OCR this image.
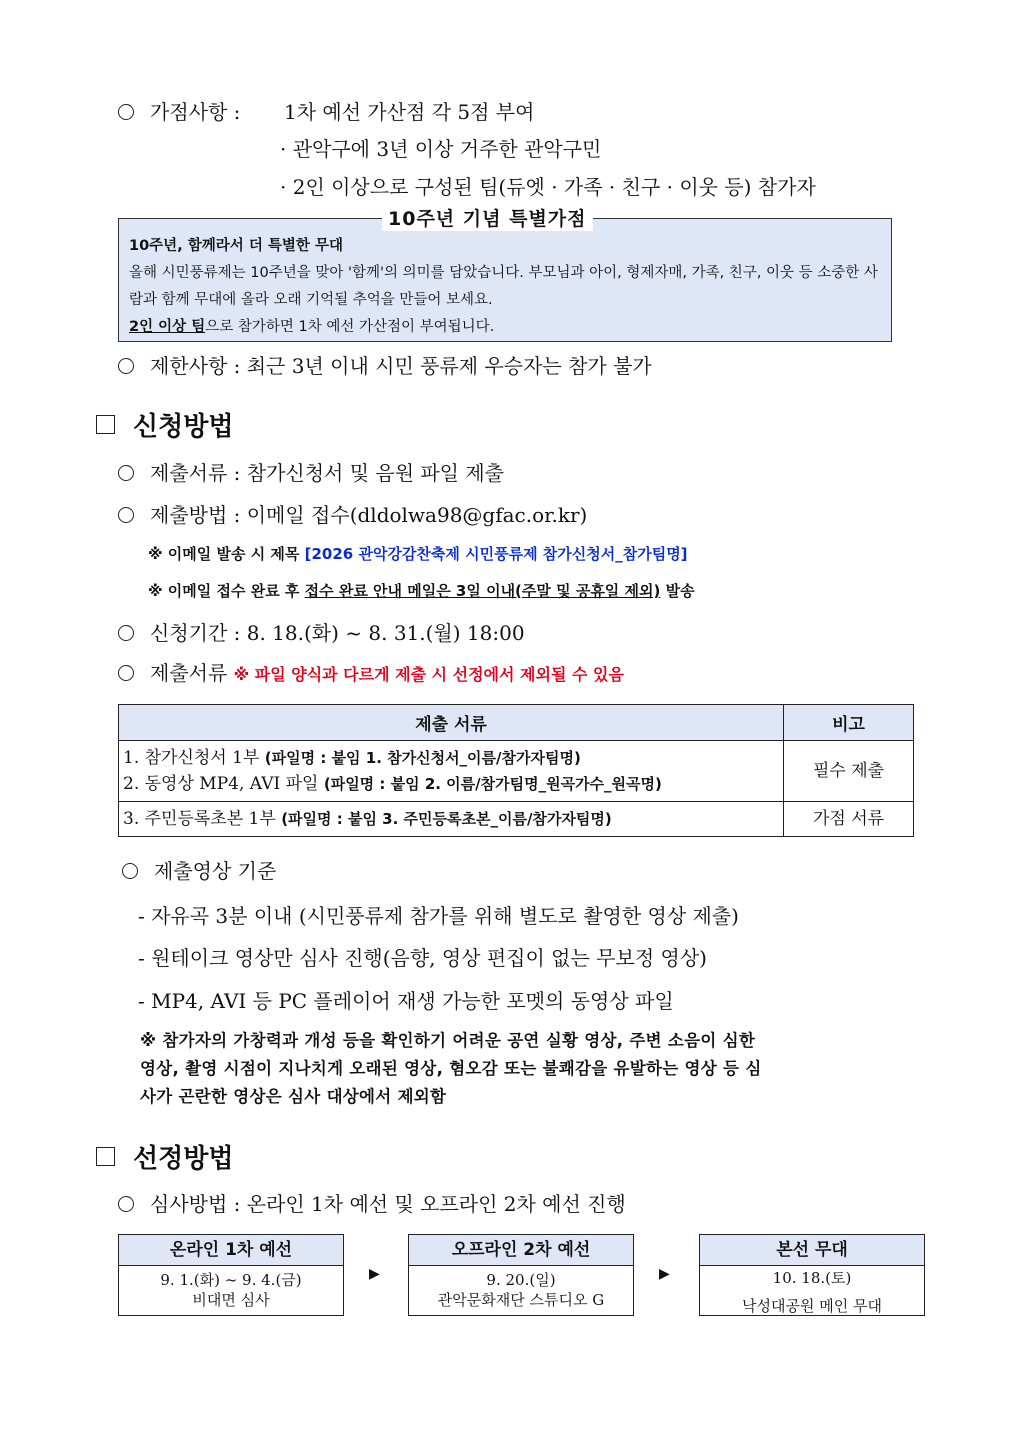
가점사항 : 1차 예선 가산점 각 5점 부여
· 관악구에 3년 이상 거주한 관악구민
· 2인 이상으로 구성된 팀(듀엣 · 가족 · 친구 · 이웃 등) 참가자
10주년, 함께라서 더 특별한 무대
올해 시민풍류제는 10주년을 맞아 '함께'의 의미를 담았습니다. 부모님과 아이, 형제자매, 가족, 친구, 이웃 등 소중한 사람과 함께 무대에 올라 오래 기억될 추억을 만들어 보세요.
2인 이상 팀으로 참가하면 1차 예선 가산점이 부여됩니다.
10주년 기념 특별가점
제한사항 : 최근 3년 이내 시민 풍류제 우승자는 참가 불가
신청방법
제출서류 : 참가신청서 및 음원 파일 제출
제출방법 : 이메일 접수(dldolwa98@gfac.or.kr)
※ 이메일 발송 시 제목 [2026 관악강감찬축제 시민풍류제 참가신청서_참가팀명]
※ 이메일 접수 완료 후 접수 완료 안내 메일은 3일 이내(주말 및 공휴일 제외) 발송
신청기간 : 8. 18.(화) ~ 8. 31.(월) 18:00
제출서류 ※ 파일 양식과 다르게 제출 시 선정에서 제외될 수 있음
제출 서류	비고

1. 참가신청서 1부 (파일명 : 붙임 1. 참가신청서_이름/참가자팀명)
2. 동영상 MP4, AVI 파일 (파일명 : 붙임 2. 이름/참가팀명_원곡가수_원곡명)	필수 제출
3. 주민등록초본 1부 (파일명 : 붙임 3. 주민등록초본_이름/참가자팀명)	가점 서류
제출영상 기준
- 자유곡 3분 이내 (시민풍류제 참가를 위해 별도로 촬영한 영상 제출)
- 원테이크 영상만 심사 진행(음향, 영상 편집이 없는 무보정 영상)
- MP4, AVI 등 PC 플레이어 재생 가능한 포멧의 동영상 파일
※ 참가자의 가창력과 개성 등을 확인하기 어려운 공연 실황 영상, 주변 소음이 심한
영상, 촬영 시점이 지나치게 오래된 영상, 혐오감 또는 불쾌감을 유발하는 영상 등 심
사가 곤란한 영상은 심사 대상에서 제외함
선정방법
심사방법 : 온라인 1차 예선 및 오프라인 2차 예선 진행
온라인 1차 예선
9. 1.(화) ~ 9. 4.(금)
비대면 심사
▶
오프라인 2차 예선
9. 20.(일)
관악문화재단 스튜디오 G
▶
본선 무대
10. 18.(토)
낙성대공원 메인 무대
